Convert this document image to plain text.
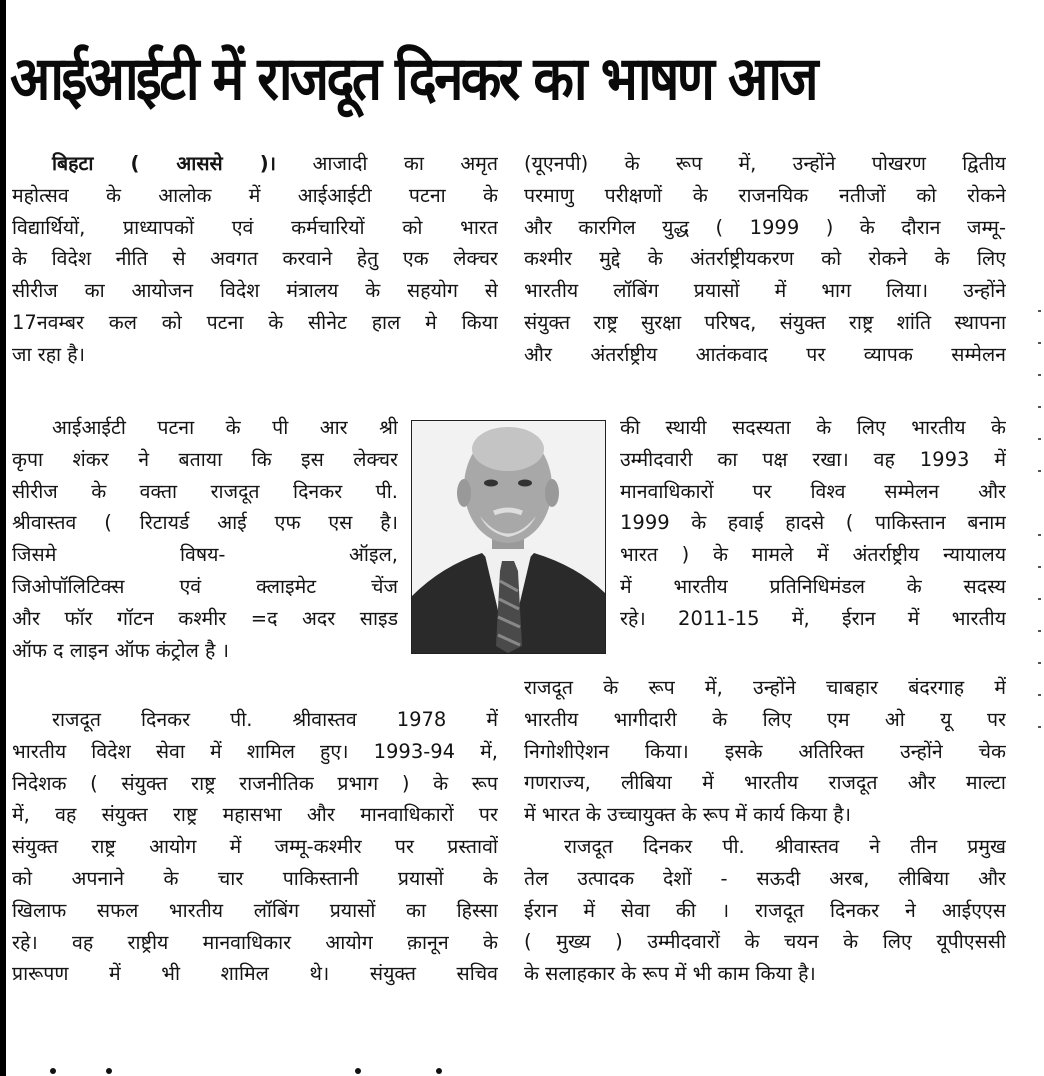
आईआईटी में राजदूत दिनकर का भाषण आज
बिहटा ( आससे )। आजादी का अमृत
महोत्सव के आलोक में आईआईटी पटना के
विद्यार्थियों, प्राध्यापकों एवं कर्मचारियों को भारत
के विदेश नीति से अवगत करवाने हेतु एक लेक्चर
सीरीज का आयोजन विदेश मंत्रालय के सहयोग से
17नवम्बर कल को पटना के सीनेट हाल मे किया
जा रहा है।
आईआईटी पटना के पी आर श्री
कृपा शंकर ने बताया कि इस लेक्चर
सीरीज के वक्ता राजदूत दिनकर पी.
श्रीवास्तव ( रिटायर्ड आई एफ एस है।
जिसमे विषय- ऑइल,
जिओपॉलिटिक्स एवं क्लाइमेट चेंज
और फॉर गॉटन कश्मीर =द अदर साइड
ऑफ द लाइन ऑफ कंट्रोल है ।
राजदूत दिनकर पी. श्रीवास्तव 1978 में
भारतीय विदेश सेवा में शामिल हुए। 1993-94 में,
निदेशक ( संयुक्त राष्ट्र राजनीतिक प्रभाग ) के रूप
में, वह संयुक्त राष्ट्र महासभा और मानवाधिकारों पर
संयुक्त राष्ट्र आयोग में जम्मू-कश्मीर पर प्रस्तावों
को अपनाने के चार पाकिस्तानी प्रयासों के
खिलाफ सफल भारतीय लॉबिंग प्रयासों का हिस्सा
रहे। वह राष्ट्रीय मानवाधिकार आयोग क़ानून के
प्रारूपण में भी शामिल थे। संयुक्त सचिव
(यूएनपी) के रूप में, उन्होंने पोखरण द्वितीय
परमाणु परीक्षणों के राजनयिक नतीजों को रोकने
और कारगिल युद्ध ( 1999 ) के दौरान जम्मू-
कश्मीर मुद्दे के अंतर्राष्ट्रीयकरण को रोकने के लिए
भारतीय लॉबिंग प्रयासों में भाग लिया। उन्होंने
संयुक्त राष्ट्र सुरक्षा परिषद, संयुक्त राष्ट्र शांति स्थापना
और अंतर्राष्ट्रीय आतंकवाद पर व्यापक सम्मेलन
की स्थायी सदस्यता के लिए भारतीय के
उम्मीदवारी का पक्ष रखा। वह 1993 में
मानवाधिकारों पर विश्व सम्मेलन और
1999 के हवाई हादसे ( पाकिस्तान बनाम
भारत ) के मामले में अंतर्राष्ट्रीय न्यायालय
में भारतीय प्रतिनिधिमंडल के सदस्य
रहे। 2011-15 में, ईरान में भारतीय
राजदूत के रूप में, उन्होंने चाबहार बंदरगाह में
भारतीय भागीदारी के लिए एम ओ यू पर
निगोशीऐशन किया। इसके अतिरिक्त उन्होंने चेक
गणराज्य, लीबिया में भारतीय राजदूत और माल्टा
में भारत के उच्चायुक्त के रूप में कार्य किया है।
राजदूत दिनकर पी. श्रीवास्तव ने तीन प्रमुख
तेल उत्पादक देशों - सऊदी अरब, लीबिया और
ईरान में सेवा की । राजदूत दिनकर ने आईएएस
( मुख्य ) उम्मीदवारों के चयन के लिए यूपीएससी
के सलाहकार के रूप में भी काम किया है।
